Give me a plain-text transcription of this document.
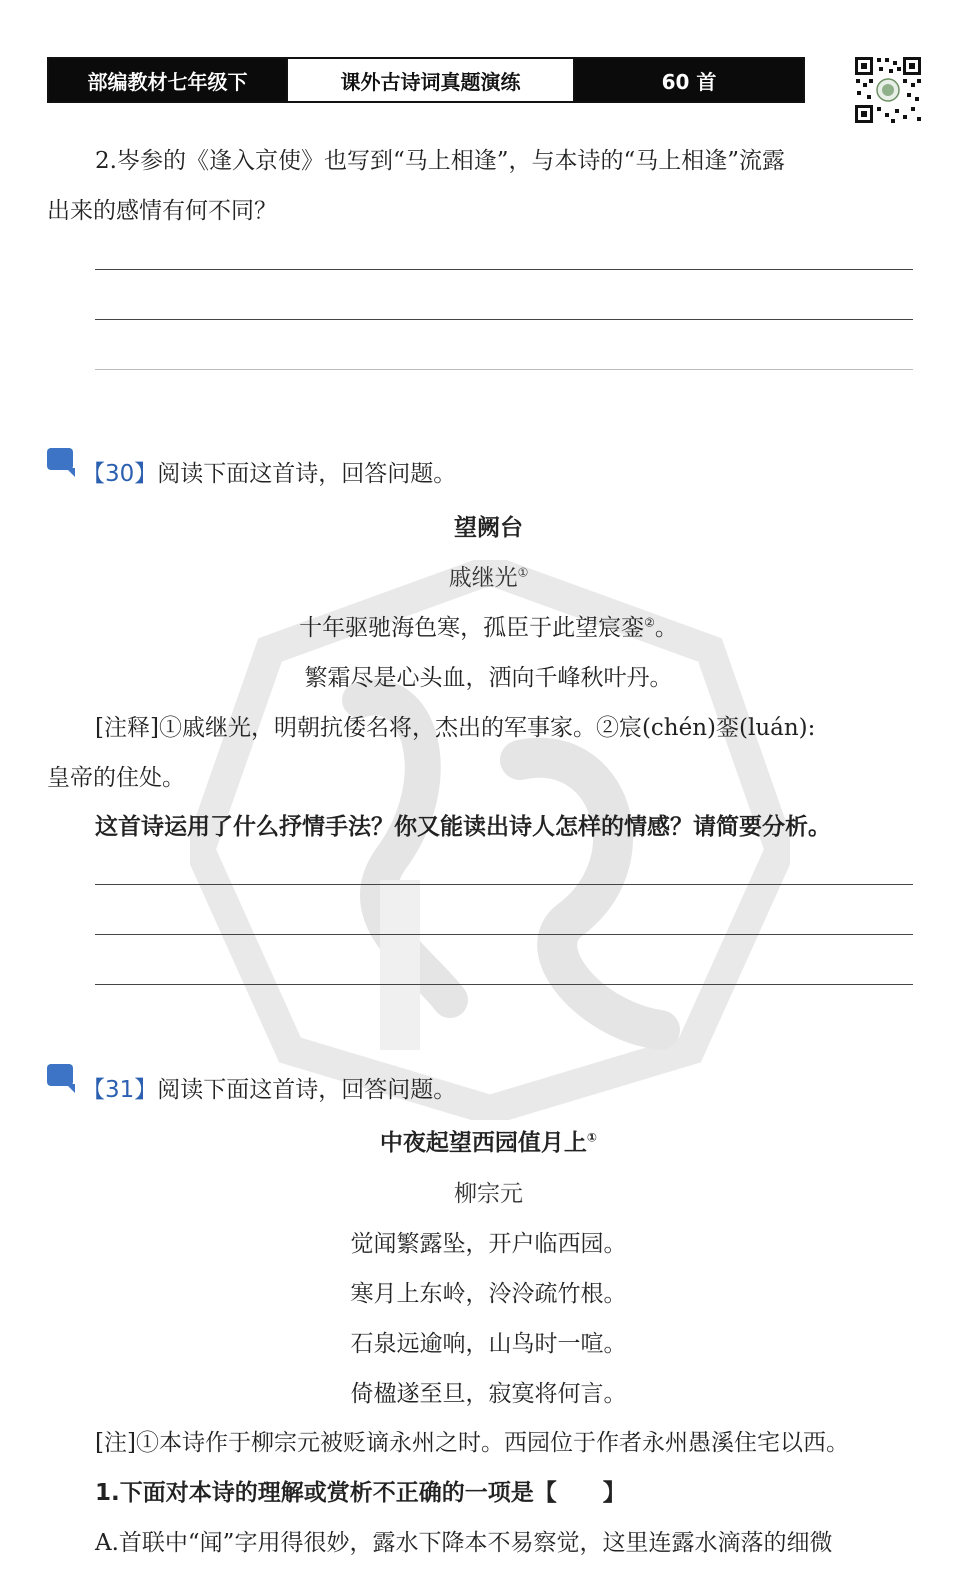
部编教材七年级下	课外古诗词真题演练	60 首
2.岑参的《逢入京使》也写到“马上相逢”，与本诗的“马上相逢”流露
出来的感情有何不同？
【30】阅读下面这首诗，回答问题。
望阙台
戚继光①
十年驱驰海色寒，孤臣于此望宸銮②。
繁霜尽是心头血，洒向千峰秋叶丹。
[注释]①戚继光，明朝抗倭名将，杰出的军事家。②宸(chén)銮(luán):
皇帝的住处。
这首诗运用了什么抒情手法？你又能读出诗人怎样的情感？请简要分析。
【31】阅读下面这首诗，回答问题。
中夜起望西园值月上①
柳宗元
觉闻繁露坠，开户临西园。
寒月上东岭，泠泠疏竹根。
石泉远逾响，山鸟时一喧。
倚楹遂至旦，寂寞将何言。
[注]①本诗作于柳宗元被贬谪永州之时。西园位于作者永州愚溪住宅以西。
1.下面对本诗的理解或赏析不正确的一项是【　　】
A.首联中“闻”字用得很妙，露水下降本不易察觉，这里连露水滴落的细微
